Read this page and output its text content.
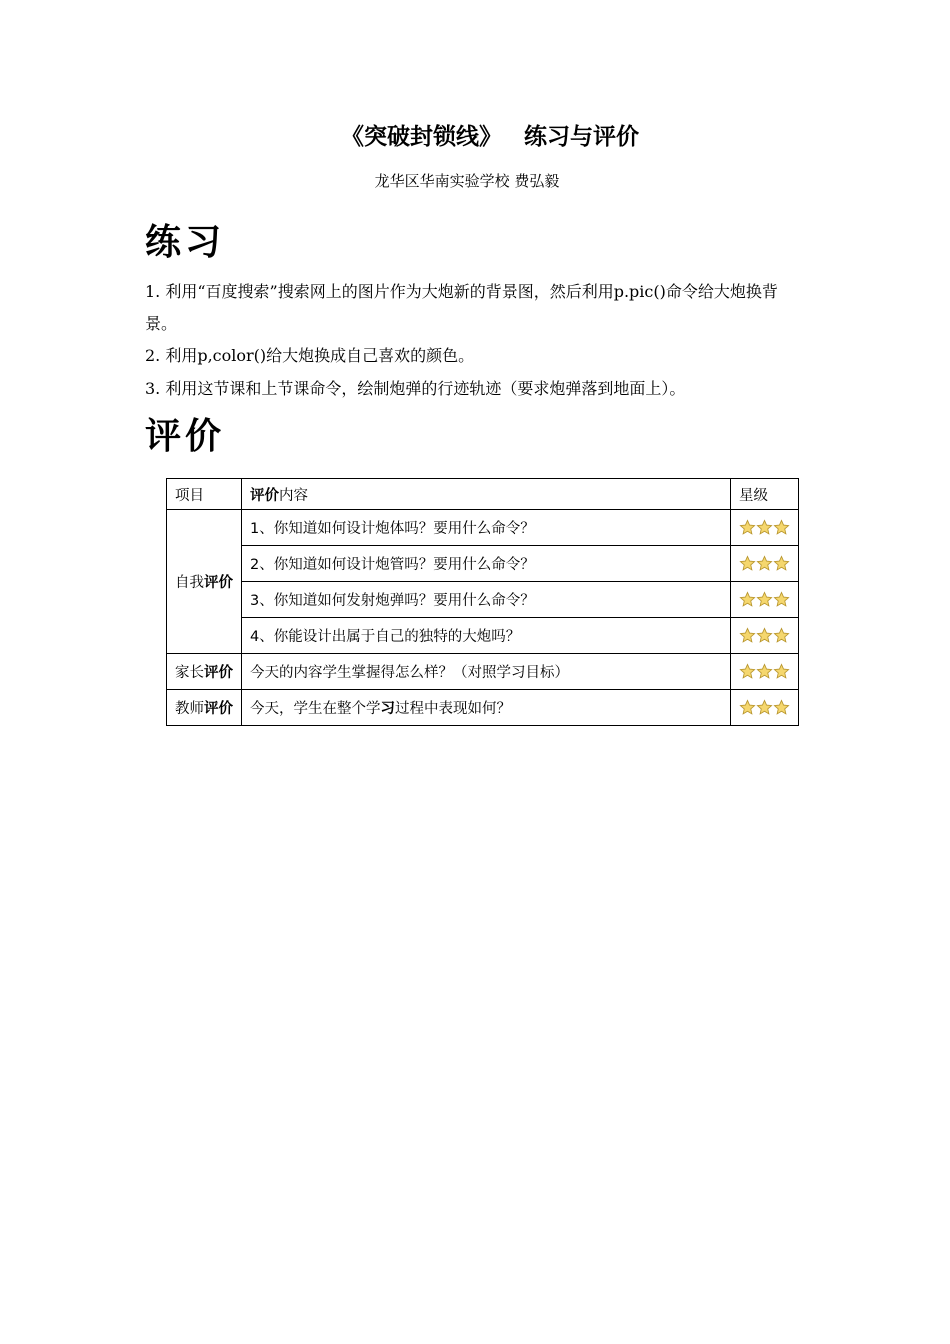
《突破封锁线》 练习与评价
龙华区华南实验学校 费弘毅
练习
1. 利用“百度搜索”搜索网上的图片作为大炮新的背景图，然后利用p.pic()命令给大炮换背景。
2. 利用p,color()给大炮换成自己喜欢的颜色。
3. 利用这节课和上节课命令，绘制炮弹的行迹轨迹（要求炮弹落到地面上）。
评价
项目	评价内容	星级
自我评价	1、你知道如何设计炮体吗？要用什么命令？	

	2、你知道如何设计炮管吗？要用什么命令？	

	3、你知道如何发射炮弹吗？要用什么命令？	

	4、你能设计出属于自己的独特的大炮吗？	

家长评价	今天的内容学生掌握得怎么样？（对照学习目标）	

教师评价	今天，学生在整个学习过程中表现如何？	
